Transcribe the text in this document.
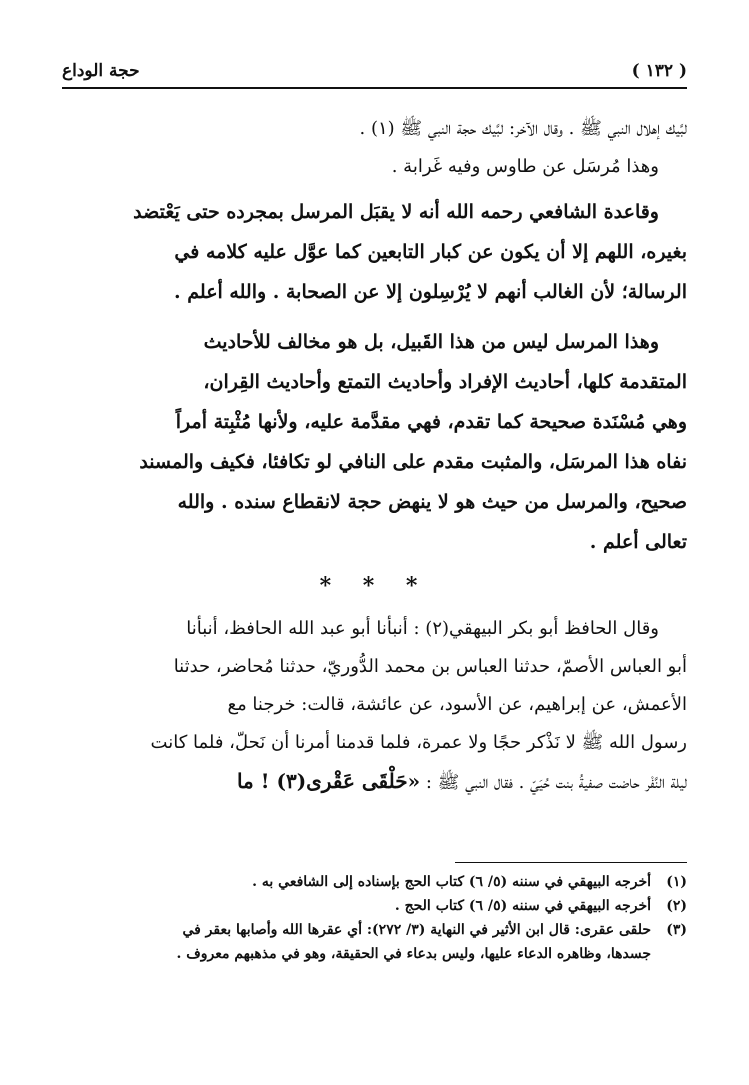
( ١٣٢ )
حجة الوداع

لبَّيك إهلال النبي ﷺ . وقال الآخر: لبَّيك حجة النبي ﷺ (١) .

وهذا مُرسَل عن طاوس وفيه غَرابة .

وقاعدة الشافعي رحمه الله أنه لا يقبَل المرسل بمجرده حتى يَعْتضد

بغيره، اللهم إلا أن يكون عن كبار التابعين كما عوَّل عليه كلامه في

الرسالة؛ لأن الغالب أنهم لا يُرْسِلون إلا عن الصحابة . والله أعلم .

وهذا المرسل ليس من هذا القَبيل، بل هو مخالف للأحاديث

المتقدمة كلها، أحاديث الإفراد وأحاديث التمتع وأحاديث القِران،

وهي مُسْنَدة صحيحة كما تقدم، فهي مقدَّمة عليه، ولأنها مُثْبِتة أمراً

نفاه هذا المرسَل، والمثبت مقدم على النافي لو تكافئا، فكيف والمسند

صحيح، والمرسل من حيث هو لا ينهض حجة لانقطاع سنده . والله

تعالى أعلم .

* * *

وقال الحافظ أبو بكر البيهقي(٢) : أنبأنا أبو عبد الله الحافظ، أنبأنا

أبو العباس الأصمّ، حدثنا العباس بن محمد الدُّوريّ، حدثنا مُحاضر، حدثنا

الأعمش، عن إبراهيم، عن الأسود، عن عائشة، قالت: خرجنا مع

رسول الله ﷺ لا نَذْكر حجًا ولا عمرة، فلما قدمنا أمرنا أن نَحلّ، فلما كانت

ليلة النَّفْر حاضت صفيةُ بنت حُيَيّ . فقال النبي ﷺ : «حَلْقَى عَقْرى(٣) ! ما

(١)
أخرجه البيهقي في سننه (٥/ ٦) كتاب الحج بإسناده إلى الشافعي به .
(٢)
أخرجه البيهقي في سننه (٥/ ٦) كتاب الحج .
(٣)
حلقى عقرى: قال ابن الأثير في النهاية (٣/ ٢٧٢): أي عقرها الله وأصابها بعقر في

جسدها، وظاهره الدعاء عليها، وليس بدعاء في الحقيقة، وهو في مذهبهم معروف .
